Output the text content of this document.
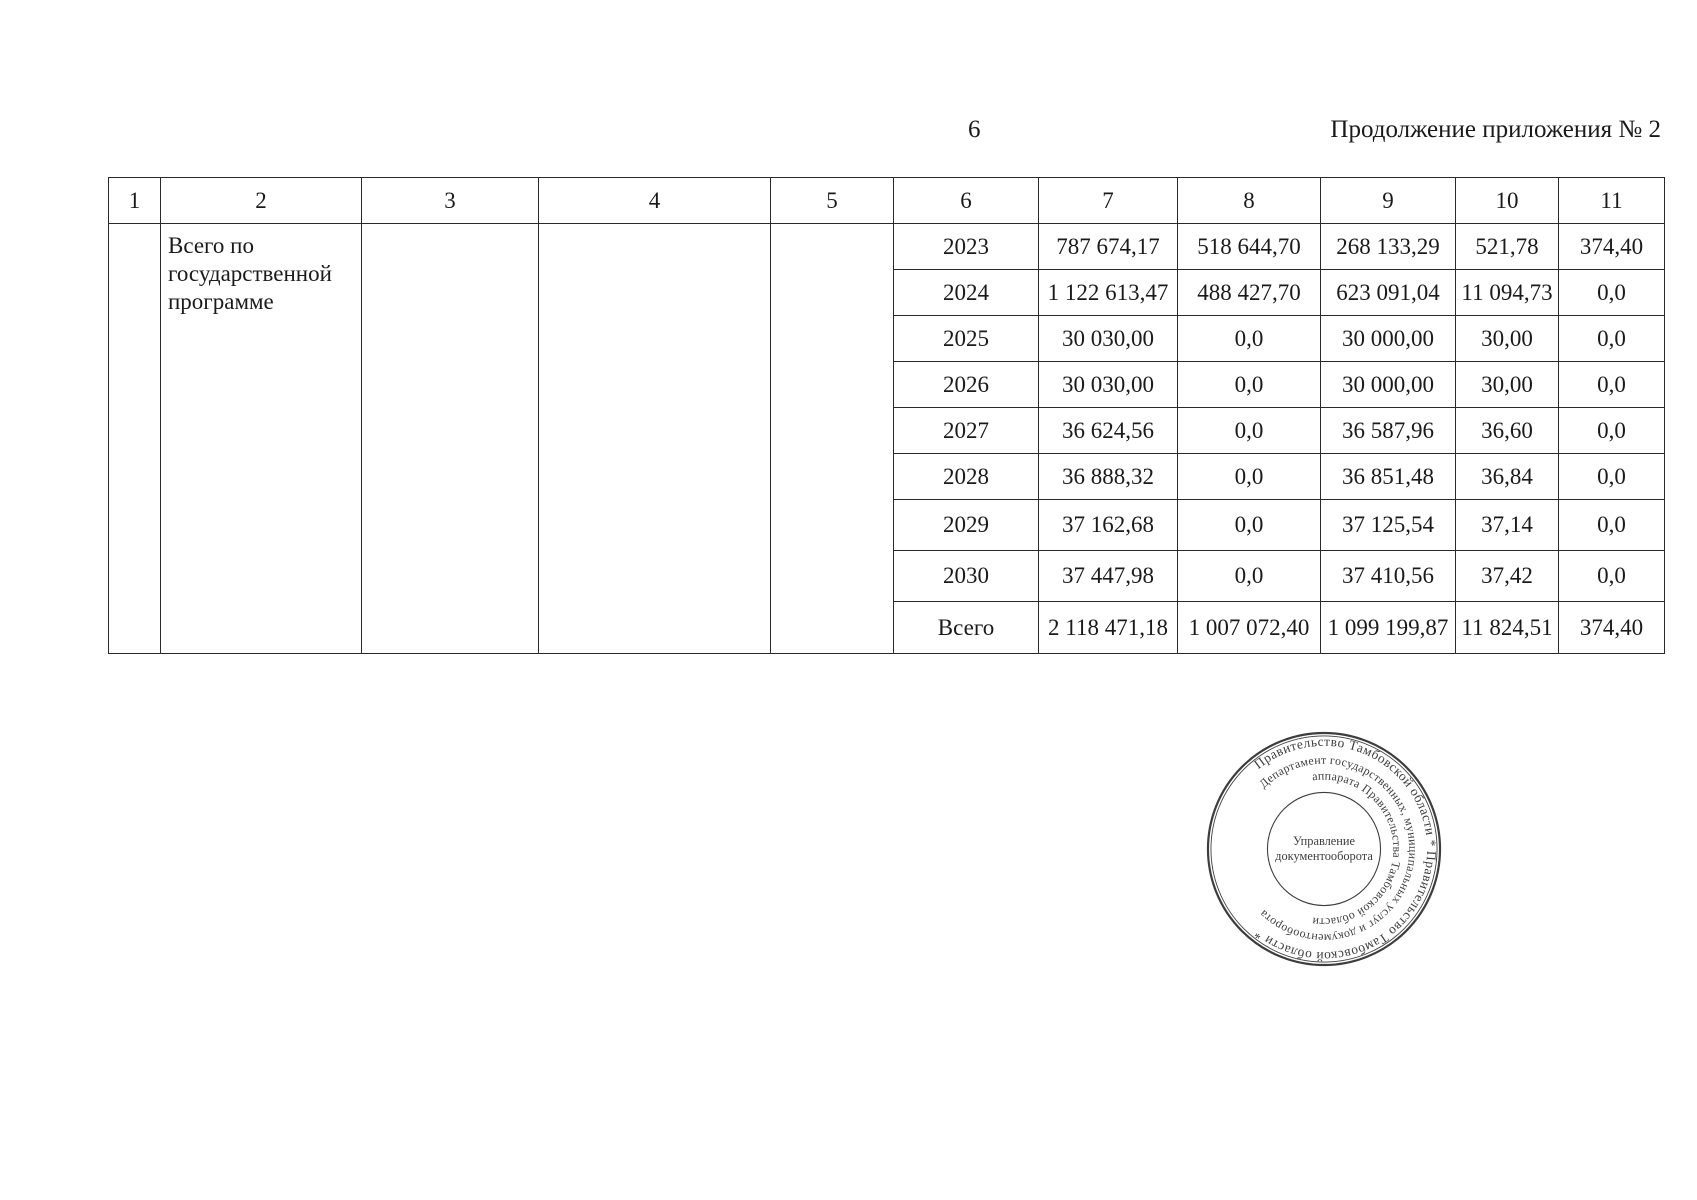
6	Продолжение приложения № 2
1	2	3	4	5	6	7	8	9	10	11
	Всего по государственной программе				2023	787 674,17	518 644,70	268 133,29	521,78	374,40
					2024	1 122 613,47	488 427,70	623 091,04	11 094,73	0,0
					2025	30 030,00	0,0	30 000,00	30,00	0,0
					2026	30 030,00	0,0	30 000,00	30,00	0,0
					2027	36 624,56	0,0	36 587,96	36,60	0,0
					2028	36 888,32	0,0	36 851,48	36,84	0,0
					2029	37 162,68	0,0	37 125,54	37,14	0,0
					2030	37 447,98	0,0	37 410,56	37,42	0,0
					Всего	2 118 471,18	1 007 072,40	1 099 199,87	11 824,51	374,40
Правительство Тамбовской области * Правительство Тамбовской области *
Департамент государственных, муниципальных услуг и документооборота
аппарата Правительства Тамбовской области
Управление
документооборота
